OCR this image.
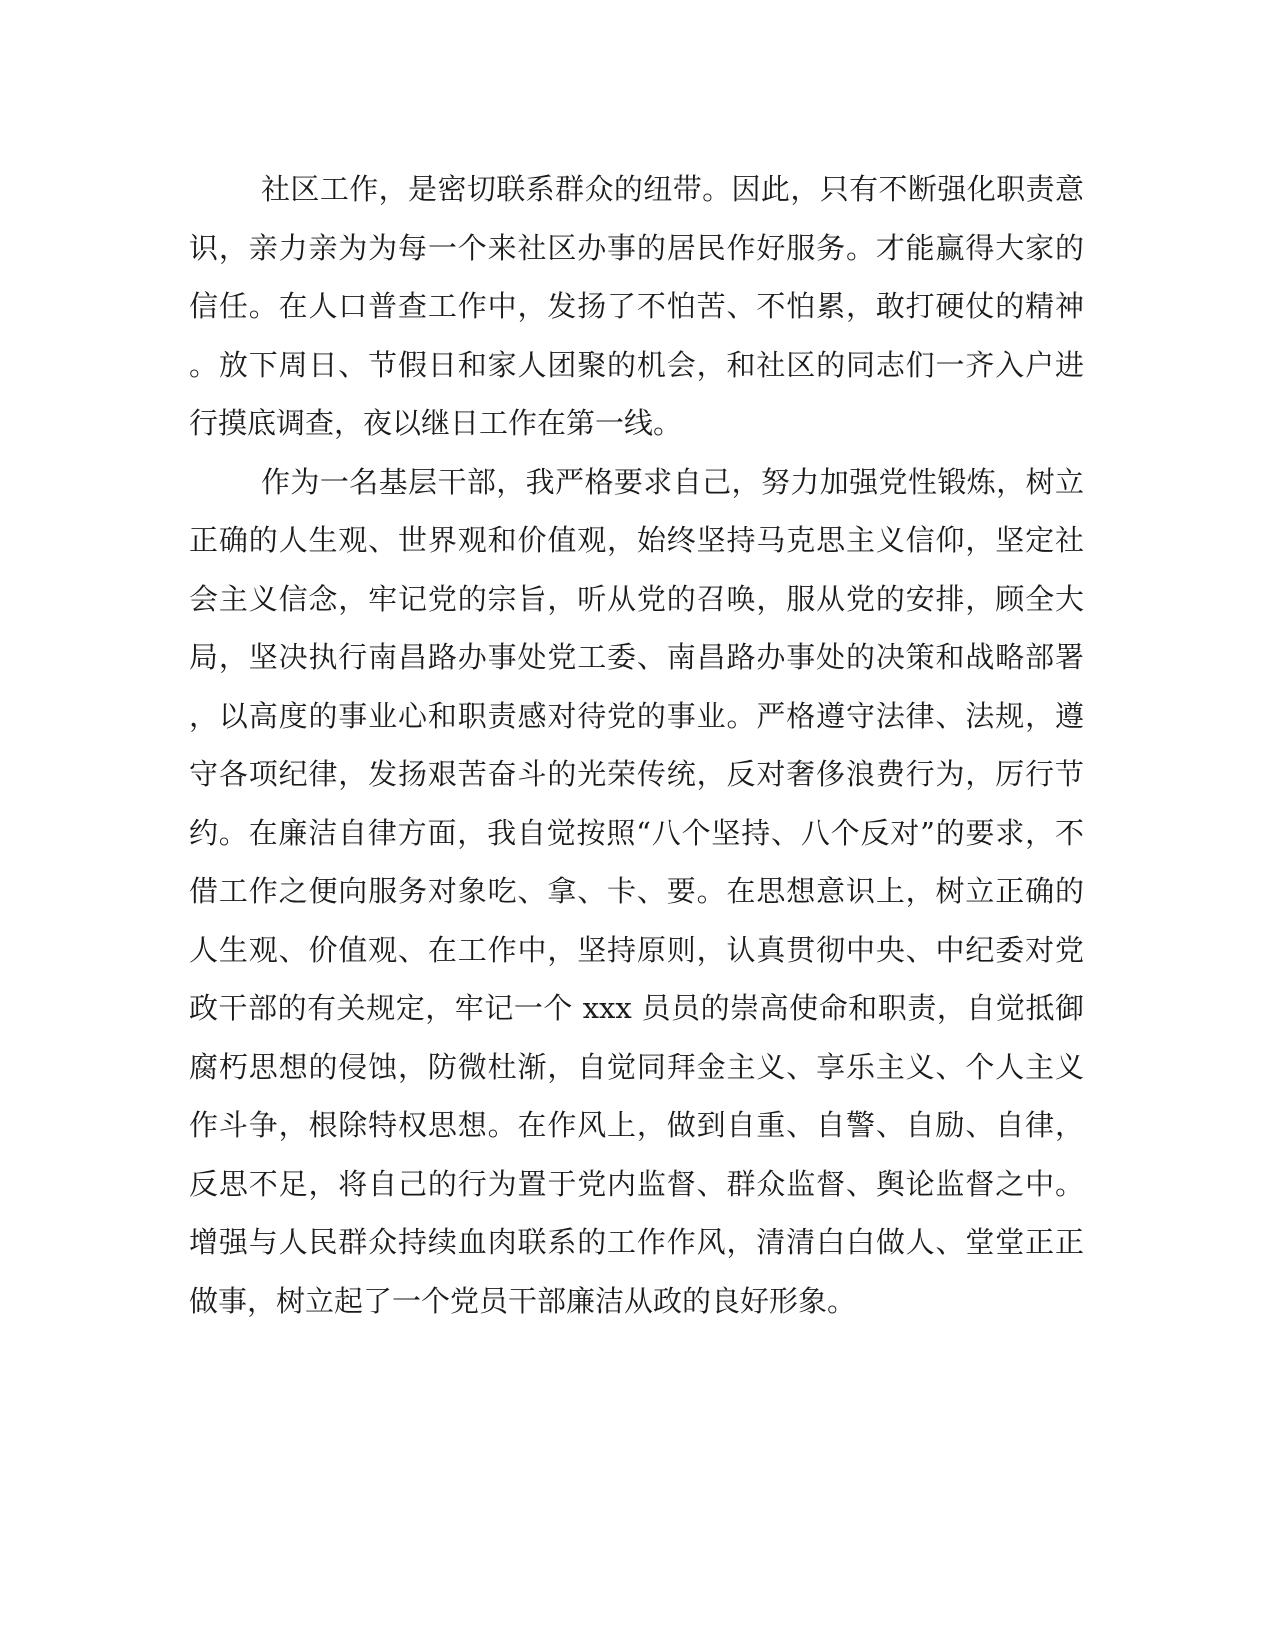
社区工作，是密切联系群众的纽带。因此，只有不断强化职责意
识，亲力亲为为每一个来社区办事的居民作好服务。才能赢得大家的
信任。在人口普查工作中，发扬了不怕苦、不怕累，敢打硬仗的精神
。放下周日、节假日和家人团聚的机会，和社区的同志们一齐入户进
行摸底调查，夜以继日工作在第一线。
作为一名基层干部，我严格要求自己，努力加强党性锻炼，树立
正确的人生观、世界观和价值观，始终坚持马克思主义信仰，坚定社
会主义信念，牢记党的宗旨，听从党的召唤，服从党的安排，顾全大
局，坚决执行南昌路办事处党工委、南昌路办事处的决策和战略部署
，以高度的事业心和职责感对待党的事业。严格遵守法律、法规，遵
守各项纪律，发扬艰苦奋斗的光荣传统，反对奢侈浪费行为，厉行节
约。在廉洁自律方面，我自觉按照“八个坚持、八个反对”的要求，不
借工作之便向服务对象吃、拿、卡、要。在思想意识上，树立正确的
人生观、价值观、在工作中，坚持原则，认真贯彻中央、中纪委对党
政干部的有关规定，牢记一个 xxx 员员的崇高使命和职责，自觉抵御
腐朽思想的侵蚀，防微杜渐，自觉同拜金主义、享乐主义、个人主义
作斗争，根除特权思想。在作风上，做到自重、自警、自励、自律，
反思不足，将自己的行为置于党内监督、群众监督、舆论监督之中。
增强与人民群众持续血肉联系的工作作风，清清白白做人、堂堂正正
做事，树立起了一个党员干部廉洁从政的良好形象。
